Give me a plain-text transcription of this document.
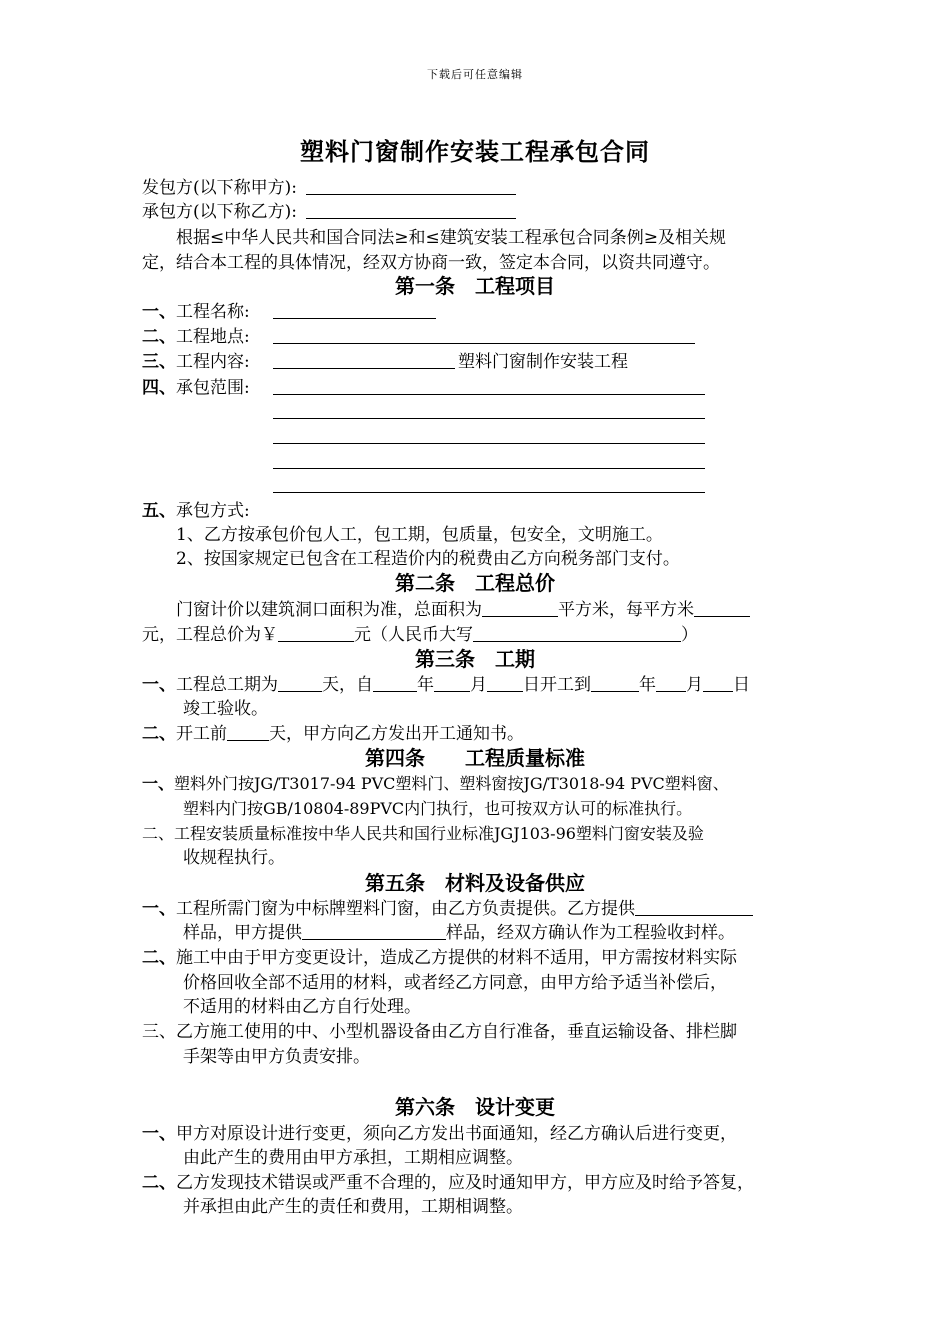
下载后可任意编辑
塑料门窗制作安装工程承包合同
发包方(以下称甲方):
承包方(以下称乙方):
根据≤中华人民共和国合同法≥和≤建筑安装工程承包合同条例≥及相关规
定，结合本工程的具体情况，经双方协商一致，签定本合同，以资共同遵守。
第一条　工程项目
一、工程名称:
二、工程地点:
三、工程内容:	塑料门窗制作安装工程
四、承包范围:
五、承包方式:
1、乙方按承包价包人工，包工期，包质量，包安全，文明施工。
2、按国家规定已包含在工程造价内的税费由乙方向税务部门支付。
第二条　工程总价
门窗计价以建筑洞口面积为准，总面积为	平方米，每平方米
元，工程总价为￥	元（人民币大写	）
第三条　工期
一、工程总工期为	天，自	年 月 日开工到	年 月 日
竣工验收。
二、开工前 天，甲方向乙方发出开工通知书。
第四条　　工程质量标准
一、塑料外门按JG/T3017-94 PVC塑料门、塑料窗按JG/T3018-94 PVC塑料窗、
塑料内门按GB/10804-89PVC内门执行，也可按双方认可的标准执行。
二、工程安装质量标准按中华人民共和国行业标准JGJ103-96塑料门窗安装及验
收规程执行。
第五条　材料及设备供应
一、工程所需门窗为中标牌塑料门窗，由乙方负责提供。乙方提供
样品，甲方提供	样品，经双方确认作为工程验收封样。
二、施工中由于甲方变更设计，造成乙方提供的材料不适用，甲方需按材料实际
价格回收全部不适用的材料，或者经乙方同意，由甲方给予适当补偿后，
不适用的材料由乙方自行处理。
三、乙方施工使用的中、小型机器设备由乙方自行准备，垂直运输设备、排栏脚
手架等由甲方负责安排。
第六条　设计变更
一、甲方对原设计进行变更，须向乙方发出书面通知，经乙方确认后进行变更，
由此产生的费用由甲方承担，工期相应调整。
二、乙方发现技术错误或严重不合理的，应及时通知甲方，甲方应及时给予答复，
并承担由此产生的责任和费用，工期相调整。
